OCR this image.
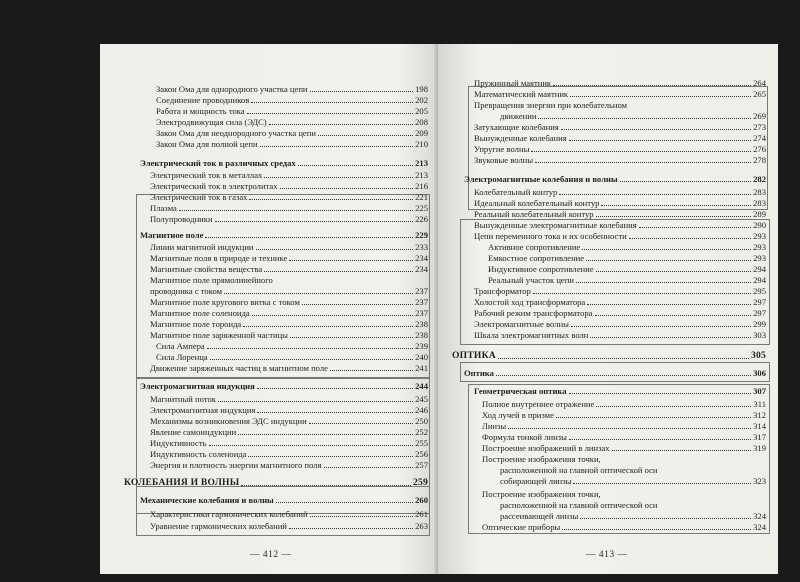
Закон Ома для однородного участка цепи	198
Соединение проводников	202
Работа и мощность тока	205
Электродвижущая сила (ЭДС)	208
Закон Ома для неоднородного участка цепи	209
Закон Ома для полной цепи	210
Электрический ток в различных средах	213
Электрический ток в металлах	213
Электрический ток в электролитах	216
Электрический ток в газах	221
Плазма	225
Полупроводники	226
Магнитное поле	229
Линии магнитной индукции	233
Магнитные поля в природе и технике	234
Магнитные свойства вещества	234
Магнитное поле прямолинейного
проводника с током	237
Магнитное поле кругового витка с током	237
Магнитное поле соленоида	237
Магнитное поле тороида	238
Магнитное поле заряженной частицы	238
Сила Ампера	239
Сила Лоренца	240
Движение заряженных частиц в магнитном поле	241
Электромагнитная индукция	244
Магнитный поток	245
Электромагнитная индукция	246
Механизмы возникновения ЭДС индукции	250
Явление самоиндукции	252
Индуктивность	255
Индуктивность соленоида	256
Энергия и плотность энергии магнитного поля	257
КОЛЕБАНИЯ И ВОЛНЫ	259
Механические колебания и волны	260
Характеристики гармонических колебаний	261
Уравнение гармонических колебаний	263
— 412 —
Пружинный маятник	264
Математический маятник	265
Превращения энергии при колебательном
движении	269
Затухающие колебания	273
Вынужденные колебания	274
Упругие волны	276
Звуковые волны	278
Электромагнитные колебания и волны	282
Колебательный контур	283
Идеальный колебательный контур	283
Реальный колебательный контур	289
Вынужденные электромагнитные колебания	290
Цепи переменного тока и их особенности	293
Активное сопротивление	293
Емкостное сопротивление	293
Индуктивное сопротивление	294
Реальный участок цепи	294
Трансформатор	295
Холостой ход трансформатора	297
Рабочий режим трансформатора	297
Электромагнитные волны	299
Шкала электромагнитных волн	303
ОПТИКА	305
Оптика	306
Геометрическая оптика	307
Полное внутреннее отражение	311
Ход лучей в призме	312
Линзы	314
Формула тонкой линзы	317
Построение изображений в линзах	319
Построение изображения точки,
расположенной на главной оптической оси
собирающей линзы	323
Построение изображения точки,
расположенной на главной оптической оси
рассеивающей линзы	324
Оптические приборы	324
— 413 —
